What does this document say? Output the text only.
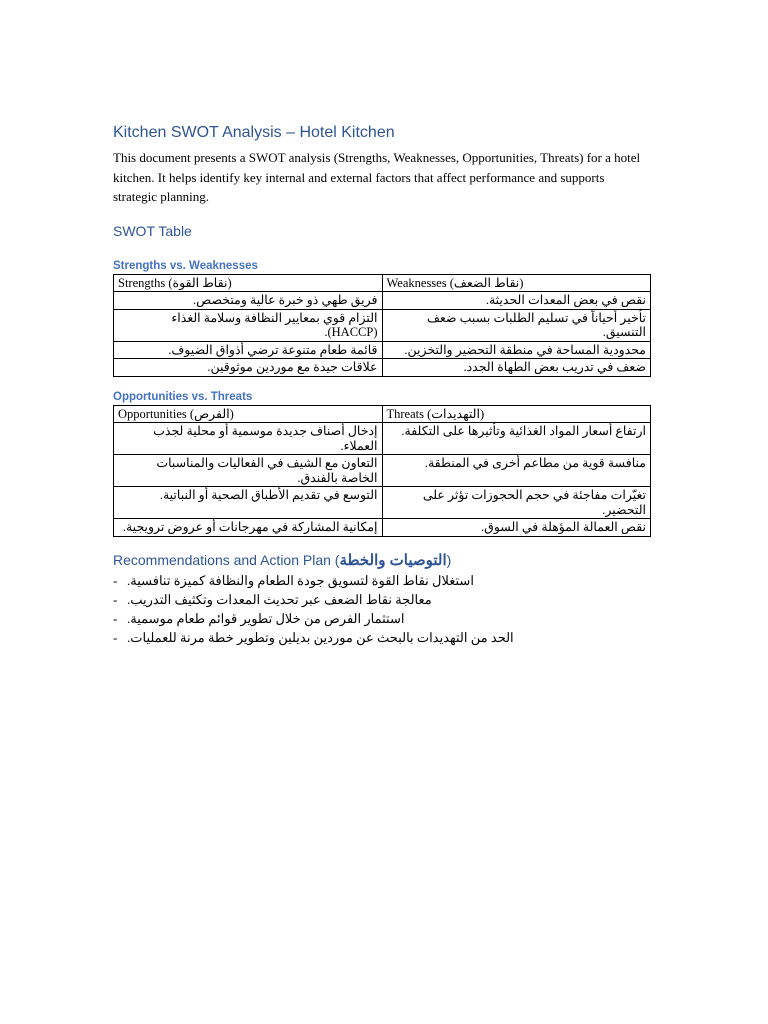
Kitchen SWOT Analysis – Hotel Kitchen

This document presents a SWOT analysis (Strengths, Weaknesses, Opportunities, Threats) for a hotel kitchen. It helps identify key internal and external factors that affect performance and supports strategic planning.

SWOT Table
Strengths vs. Weaknesses
Strengths (نقاط القوة)	Weaknesses (نقاط الضعف)
فريق طهي ذو خبرة عالية ومتخصص.	نقص في بعض المعدات الحديثة.
التزام قوي بمعايير النظافة وسلامة الغذاء (HACCP).	تأخير أحياناً في تسليم الطلبات بسبب ضعف التنسيق.
قائمة طعام متنوعة ترضي أذواق الضيوف.	محدودية المساحة في منطقة التحضير والتخزين.
علاقات جيدة مع موردين موثوقين.	ضعف في تدريب بعض الطهاة الجدد.
Opportunities vs. Threats
Opportunities (الفرص)	Threats (التهديدات)
إدخال أصناف جديدة موسمية أو محلية لجذب العملاء.	ارتفاع أسعار المواد الغذائية وتأثيرها على التكلفة.
التعاون مع الشيف في الفعاليات والمناسبات الخاصة بالفندق.	منافسة قوية من مطاعم أخرى في المنطقة.
التوسع في تقديم الأطباق الصحية أو النباتية.	تغيّرات مفاجئة في حجم الحجوزات تؤثر على التحضير.
إمكانية المشاركة في مهرجانات أو عروض ترويجية.	نقص العمالة المؤهلة في السوق.
Recommendations and Action Plan (التوصيات والخطة)
- استغلال نقاط القوة لتسويق جودة الطعام والنظافة كميزة تنافسية.
- معالجة نقاط الضعف عبر تحديث المعدات وتكثيف التدريب.
- استثمار الفرص من خلال تطوير قوائم طعام موسمية.
- الحد من التهديدات بالبحث عن موردين بديلين وتطوير خطة مرنة للعمليات.
